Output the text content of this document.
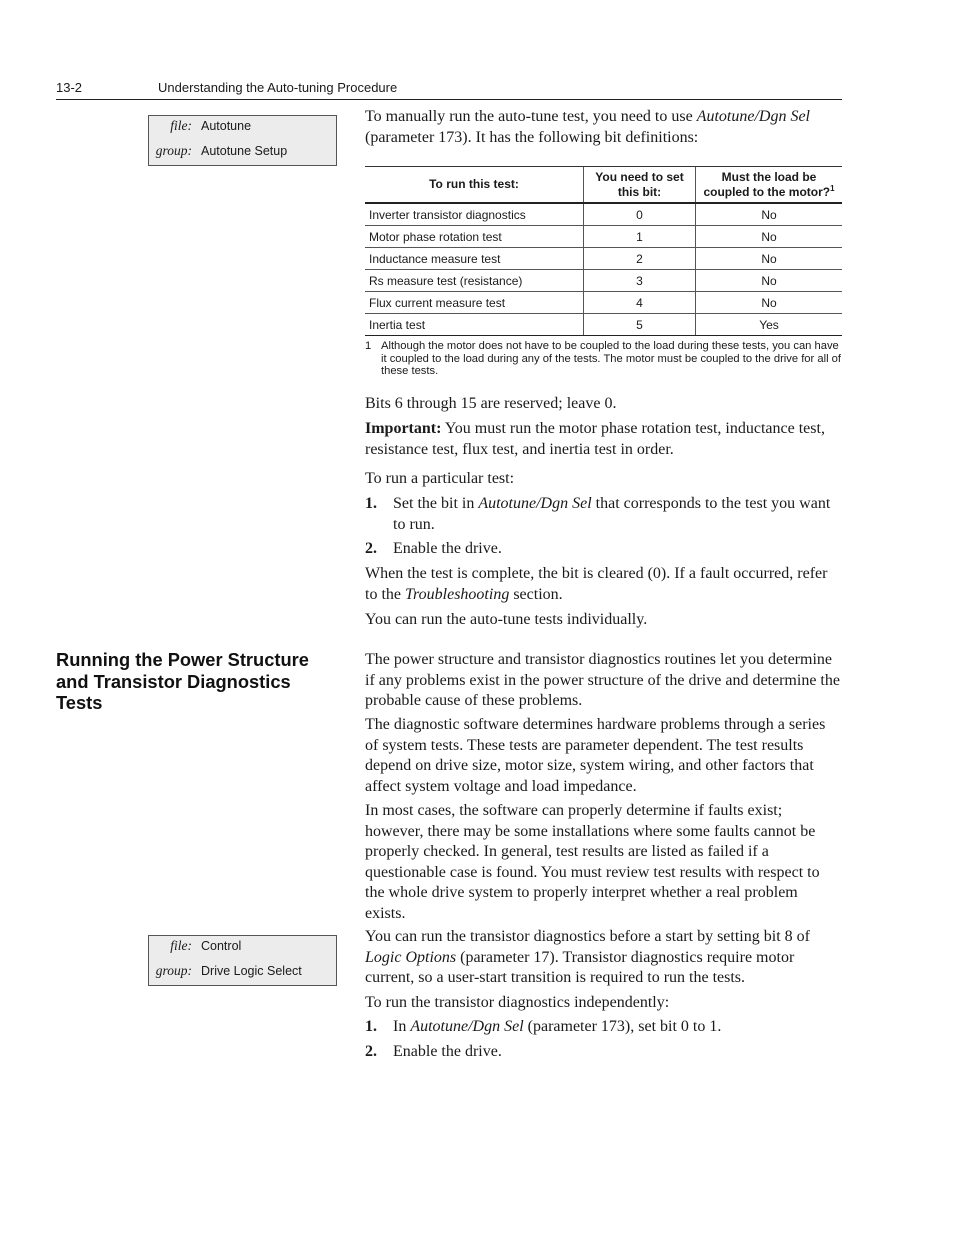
13-2	Understanding the Auto-tuning Procedure
file: Autotune
group: Autotune Setup

To manually run the auto-tune test, you need to use Autotune/Dgn Sel (parameter 173). It has the following bit definitions:

To run this test:	You need to set this bit:	Must the load be coupled to the motor?$^1$
Inverter transistor diagnostics	0	No
Motor phase rotation test	1	No
Inductance measure test	2	No
Rs measure test (resistance)	3	No
Flux current measure test	4	No
Inertia test	5	Yes
1 Although the motor does not have to be coupled to the load during these tests, you can have it coupled to the load during any of the tests. The motor must be coupled to the drive for all of these tests.

Bits 6 through 15 are reserved; leave 0.

Important: You must run the motor phase rotation test, inductance test, resistance test, flux test, and inertia test in order.

To run a particular test:

1. Set the bit in Autotune/Dgn Sel that corresponds to the test you want to run.
2. Enable the drive.

When the test is complete, the bit is cleared (0). If a fault occurred, refer to the Troubleshooting section.

You can run the auto-tune tests individually.

Running the Power Structure and Transistor Diagnostics Tests

The power structure and transistor diagnostics routines let you determine if any problems exist in the power structure of the drive and determine the probable cause of these problems.

The diagnostic software determines hardware problems through a series of system tests. These tests are parameter dependent. The test results depend on drive size, motor size, system wiring, and other factors that affect system voltage and load impedance.

In most cases, the software can properly determine if faults exist; however, there may be some installations where some faults cannot be properly checked. In general, test results are listed as failed if a questionable case is found. You must review test results with respect to the whole drive system to properly interpret whether a real problem exists.

file: Control
group: Drive Logic Select

You can run the transistor diagnostics before a start by setting bit 8 of Logic Options (parameter 17). Transistor diagnostics require motor current, so a user-start transition is required to run the tests.

To run the transistor diagnostics independently:

1. In Autotune/Dgn Sel (parameter 173), set bit 0 to 1.
2. Enable the drive.
